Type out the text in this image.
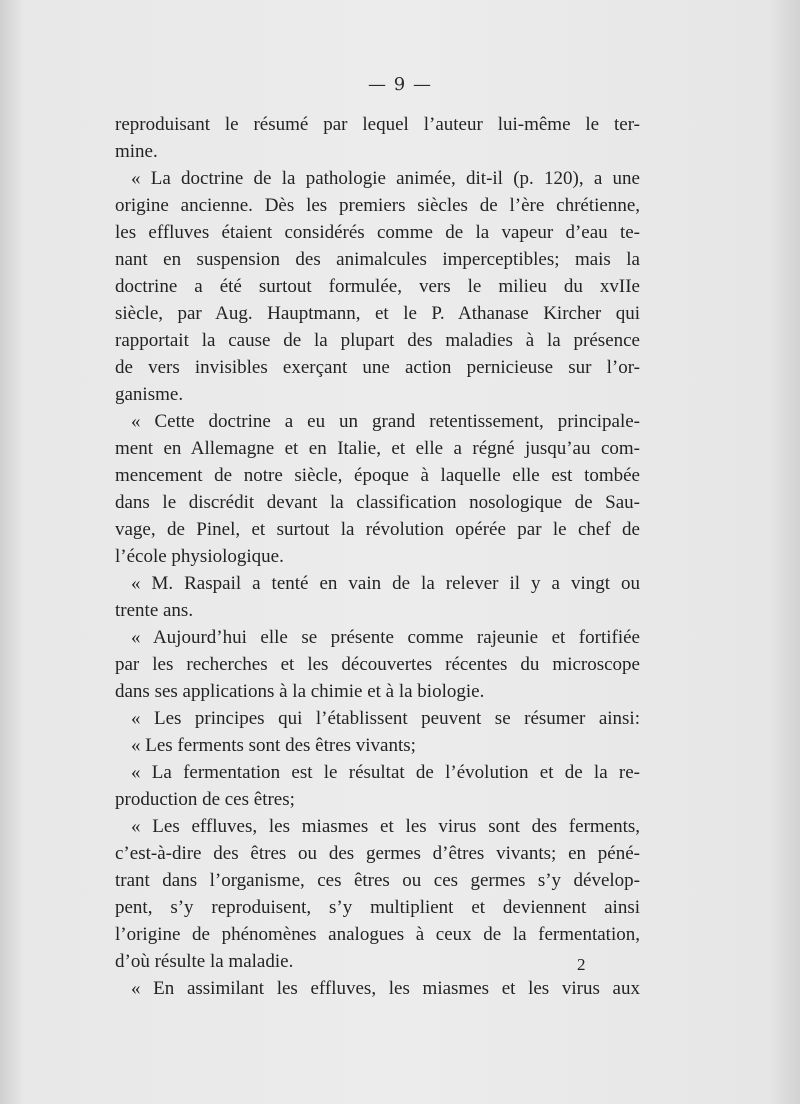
— 9 —
reproduisant le résumé par lequel l’auteur lui-même le ter-
mine.
« La doctrine de la pathologie animée, dit-il (p. 120), a une
origine ancienne. Dès les premiers siècles de l’ère chrétienne,
les effluves étaient considérés comme de la vapeur d’eau te-
nant en suspension des animalcules imperceptibles; mais la
doctrine a été surtout formulée, vers le milieu du xvIIe
siècle, par Aug. Hauptmann, et le P. Athanase Kircher qui
rapportait la cause de la plupart des maladies à la présence
de vers invisibles exerçant une action pernicieuse sur l’or-
ganisme.
« Cette doctrine a eu un grand retentissement, principale-
ment en Allemagne et en Italie, et elle a régné jusqu’au com-
mencement de notre siècle, époque à laquelle elle est tombée
dans le discrédit devant la classification nosologique de Sau-
vage, de Pinel, et surtout la révolution opérée par le chef de
l’école physiologique.
« M. Raspail a tenté en vain de la relever il y a vingt ou
trente ans.
« Aujourd’hui elle se présente comme rajeunie et fortifiée
par les recherches et les découvertes récentes du microscope
dans ses applications à la chimie et à la biologie.
« Les principes qui l’établissent peuvent se résumer ainsi:
« Les ferments sont des êtres vivants;
« La fermentation est le résultat de l’évolution et de la re-
production de ces êtres;
« Les effluves, les miasmes et les virus sont des ferments,
c’est-à-dire des êtres ou des germes d’êtres vivants; en péné-
trant dans l’organisme, ces êtres ou ces germes s’y dévelop-
pent, s’y reproduisent, s’y multiplient et deviennent ainsi
l’origine de phénomènes analogues à ceux de la fermentation,
d’où résulte la maladie.
« En assimilant les effluves, les miasmes et les virus aux
2
